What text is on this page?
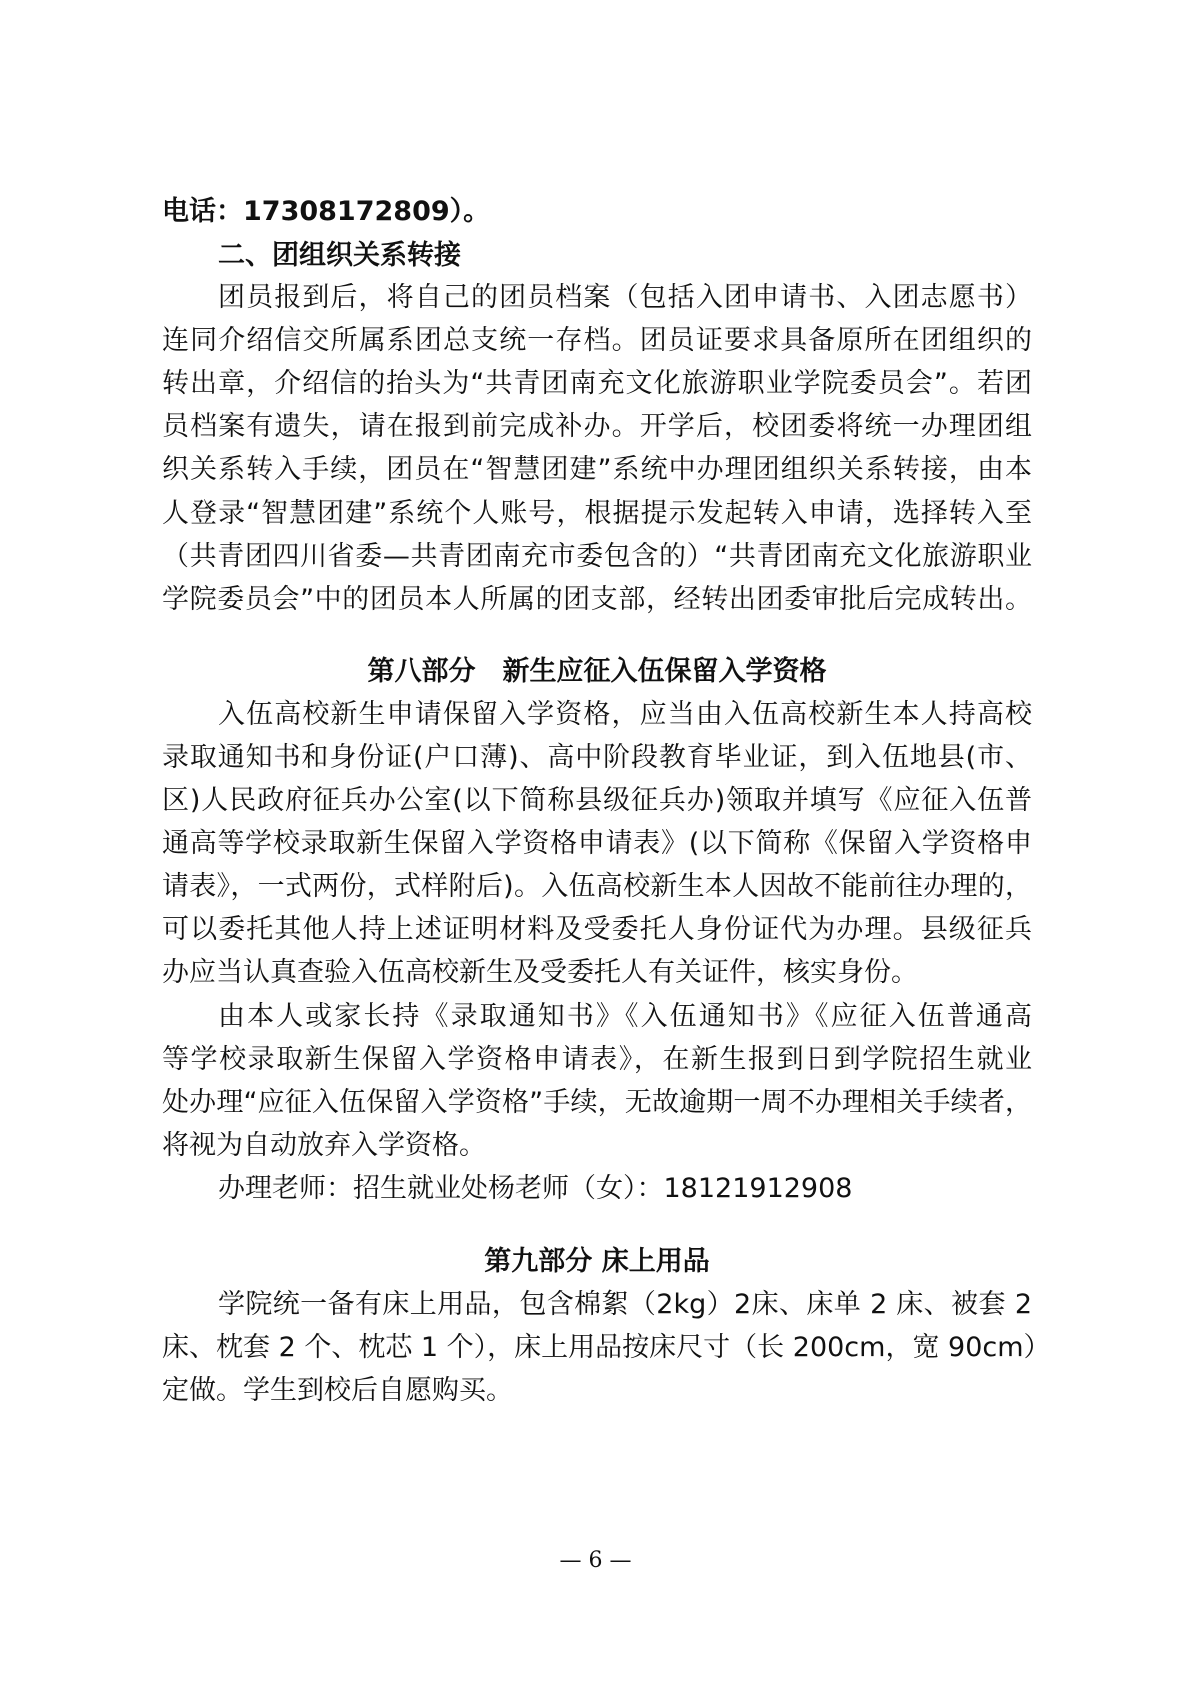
电话：17308172809）。
二、团组织关系转接
团员报到后，将自己的团员档案（包括入团申请书、入团志愿书）
连同介绍信交所属系团总支统一存档。团员证要求具备原所在团组织的
转出章，介绍信的抬头为“共青团南充文化旅游职业学院委员会”。若团
员档案有遗失，请在报到前完成补办。开学后，校团委将统一办理团组
织关系转入手续，团员在“智慧团建”系统中办理团组织关系转接，由本
人登录“智慧团建”系统个人账号，根据提示发起转入申请，选择转入至
（共青团四川省委—共青团南充市委包含的）“共青团南充文化旅游职业
学院委员会”中的团员本人所属的团支部，经转出团委审批后完成转出。
第八部分　新生应征入伍保留入学资格
入伍高校新生申请保留入学资格，应当由入伍高校新生本人持高校
录取通知书和身份证(户口薄)、高中阶段教育毕业证，到入伍地县(市、
区)人民政府征兵办公室(以下简称县级征兵办)领取并填写《应征入伍普
通高等学校录取新生保留入学资格申请表》(以下简称《保留入学资格申
请表》，一式两份，式样附后)。入伍高校新生本人因故不能前往办理的，
可以委托其他人持上述证明材料及受委托人身份证代为办理。县级征兵
办应当认真查验入伍高校新生及受委托人有关证件，核实身份。
由本人或家长持《录取通知书》《入伍通知书》《应征入伍普通高
等学校录取新生保留入学资格申请表》，在新生报到日到学院招生就业
处办理“应征入伍保留入学资格”手续，无故逾期一周不办理相关手续者，
将视为自动放弃入学资格。
办理老师：招生就业处杨老师（女）：18121912908
第九部分 床上用品
学院统一备有床上用品，包含棉絮（2kg）2床、床单 2 床、被套 2
床、枕套 2 个、枕芯 1 个），床上用品按床尺寸（长 200cm，宽 90cm）
定做。学生到校后自愿购买。
— 6 —
